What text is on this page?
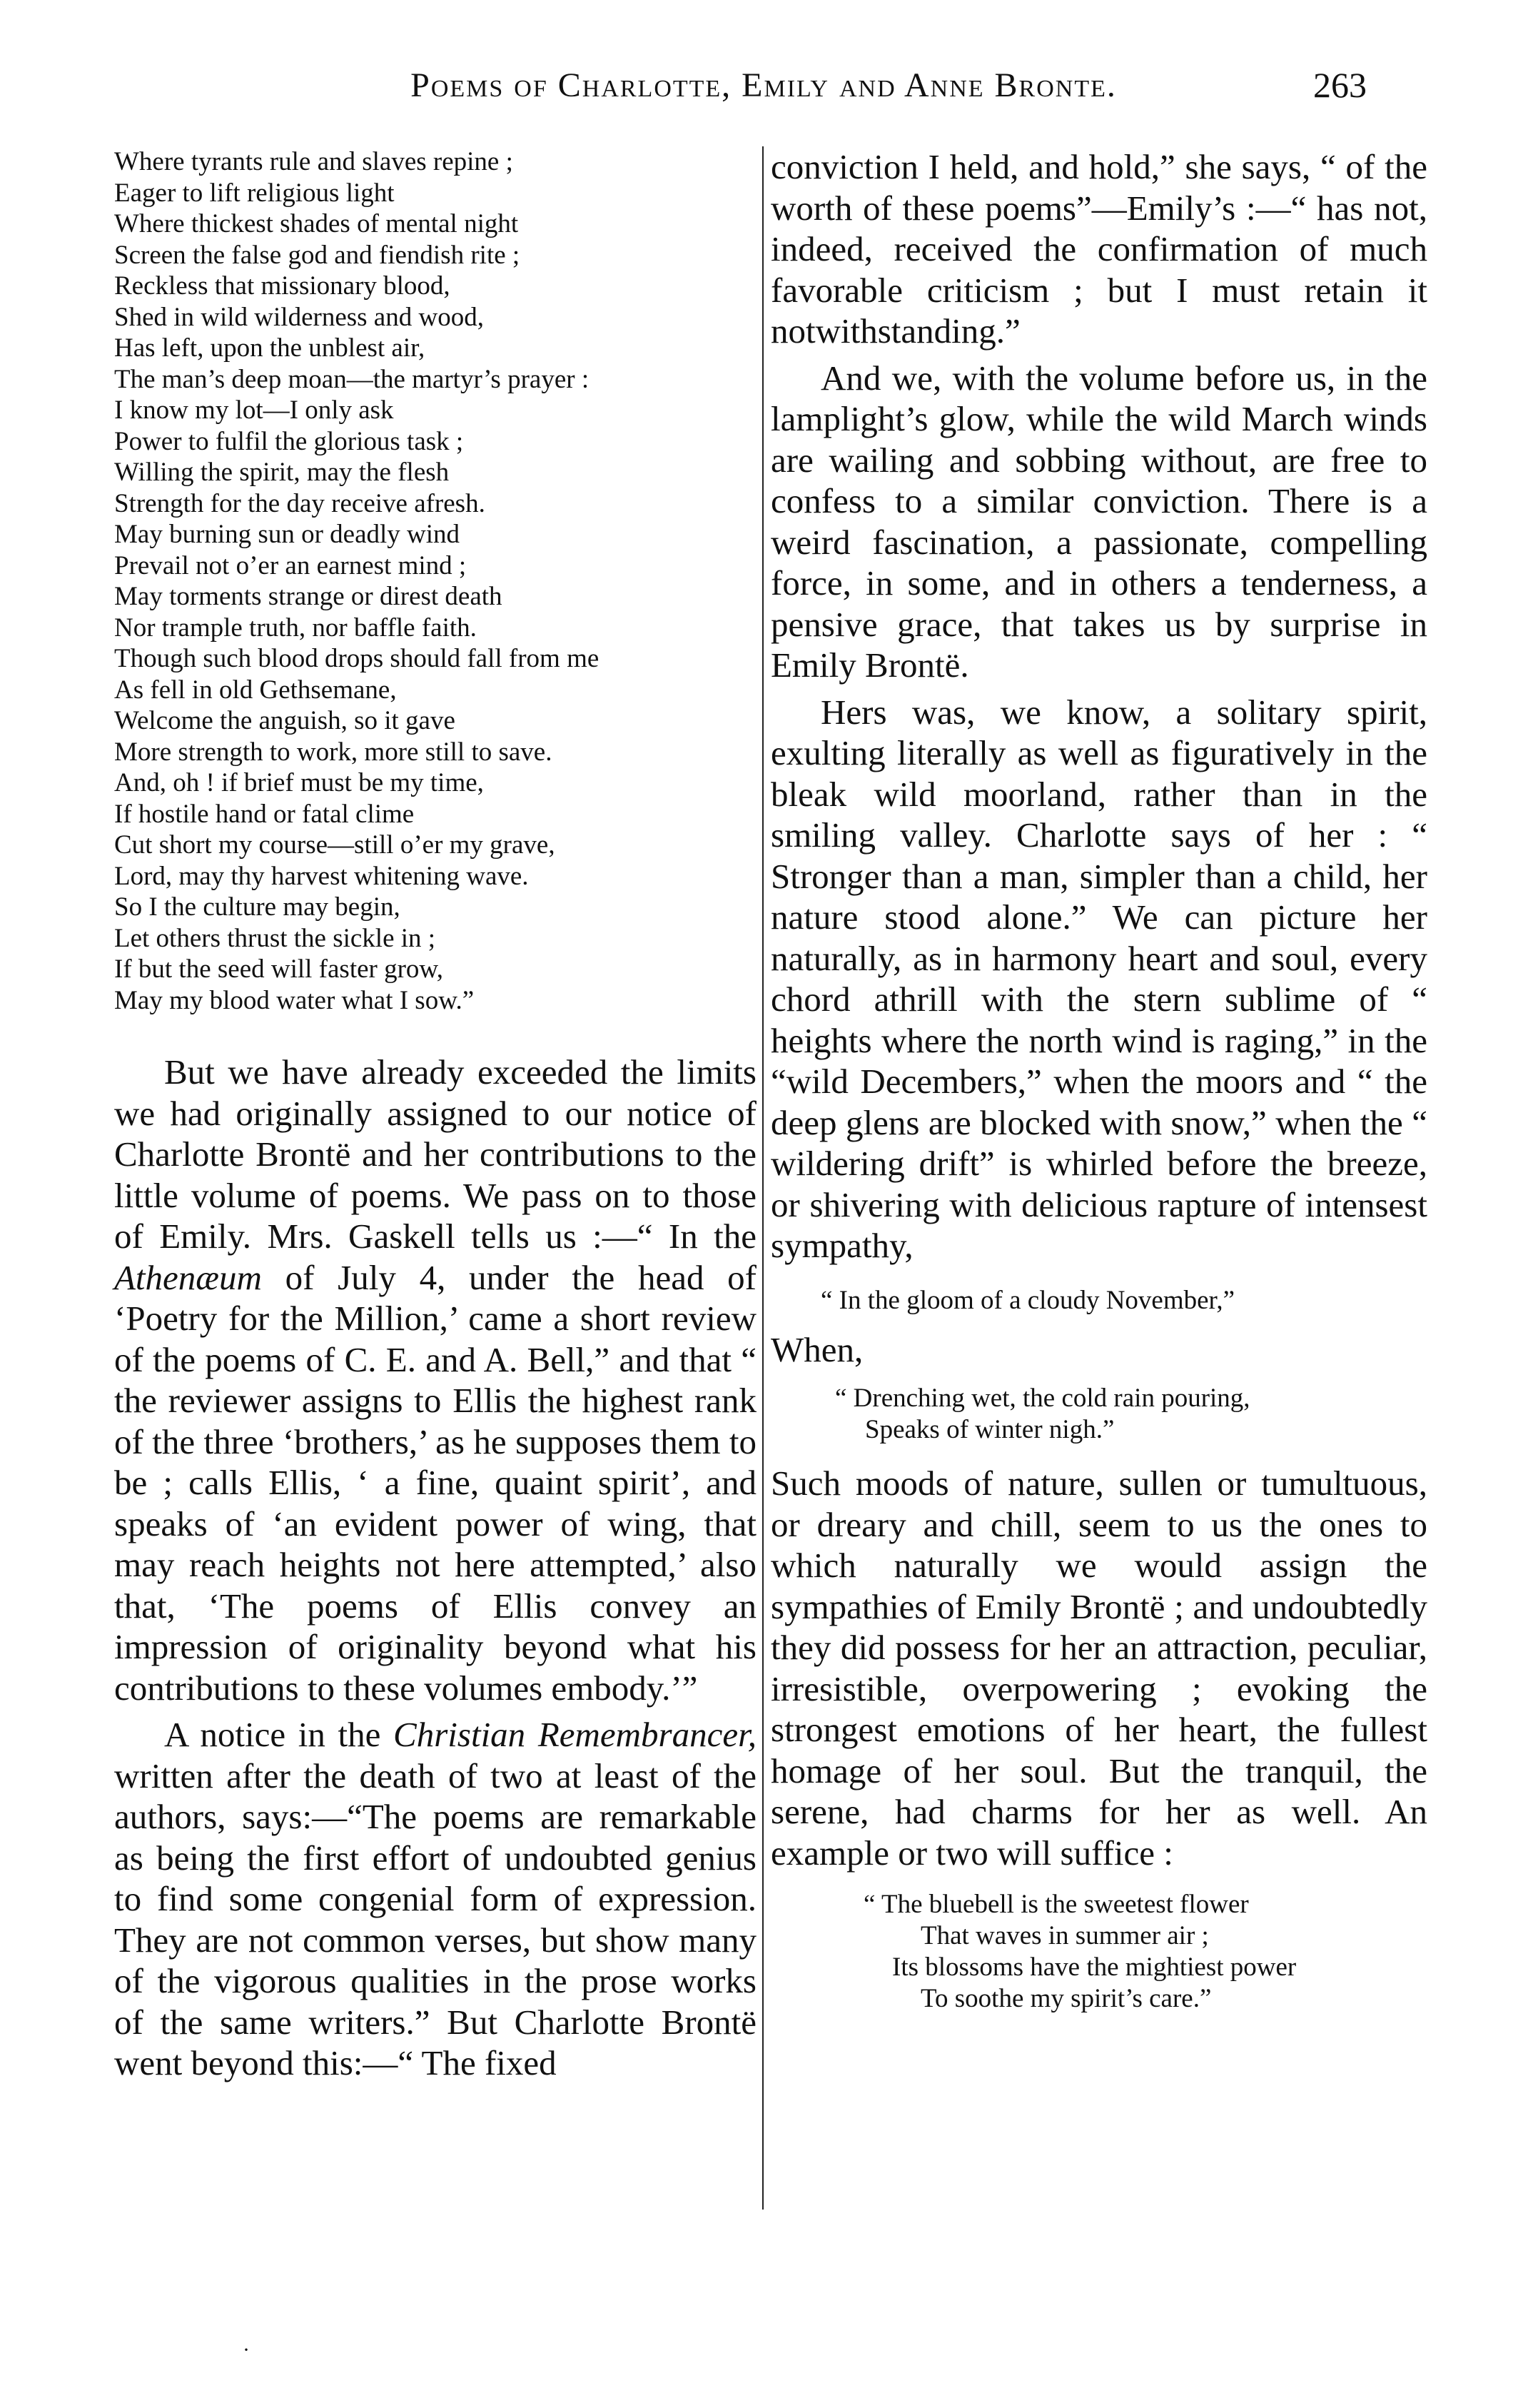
Poems of Charlotte, Emily and Anne Bronte.	263
Where tyrants rule and slaves repine ;
Eager to lift religious light
Where thickest shades of mental night
Screen the false god and fiendish rite ;
Reckless that missionary blood,
Shed in wild wilderness and wood,
Has left, upon the unblest air,
The man’s deep moan—the martyr’s prayer :
I know my lot—I only ask
Power to fulfil the glorious task ;
Willing the spirit, may the flesh
Strength for the day receive afresh.
May burning sun or deadly wind
Prevail not o’er an earnest mind ;
May torments strange or direst death
Nor trample truth, nor baffle faith.
Though such blood drops should fall from me
As fell in old Gethsemane,
Welcome the anguish, so it gave
More strength to work, more still to save.
And, oh ! if brief must be my time,
If hostile hand or fatal clime
Cut short my course—still o’er my grave,
Lord, may thy harvest whitening wave.
So I the culture may begin,
Let others thrust the sickle in ;
If but the seed will faster grow,
May my blood water what I sow.”

But we have already exceeded the limits we had originally assigned to our notice of Charlotte Brontë and her contributions to the little volume of poems. We pass on to those of Emily. Mrs. Gaskell tells us :—“ In the Athenæum of July 4, under the head of ‘Poetry for the Million,’ came a short review of the poems of C. E. and A. Bell,” and that “ the reviewer assigns to Ellis the highest rank of the three ‘brothers,’ as he supposes them to be ; calls Ellis, ‘ a fine, quaint spirit’, and speaks of ‘an evident power of wing, that may reach heights not here attempted,’ also that, ‘The poems of Ellis convey an impression of originality beyond what his contributions to these volumes embody.’”

A notice in the Christian Remembrancer, written after the death of two at least of the authors, says:—“The poems are remarkable as being the first effort of undoubted genius to find some congenial form of expression. They are not common verses, but show many of the vigorous qualities in the prose works of the same writers.” But Charlotte Brontë went beyond this:—“ The fixed

conviction I held, and hold,” she says, “ of the worth of these poems”—Emily’s :—“ has not, indeed, received the confirmation of much favorable criticism ; but I must retain it notwithstanding.”

And we, with the volume before us, in the lamplight’s glow, while the wild March winds are wailing and sobbing without, are free to confess to a similar conviction. There is a weird fascination, a passionate, compelling force, in some, and in others a tenderness, a pensive grace, that takes us by surprise in Emily Brontë.

Hers was, we know, a solitary spirit, exulting literally as well as figuratively in the bleak wild moorland, rather than in the smiling valley. Charlotte says of her : “ Stronger than a man, simpler than a child, her nature stood alone.” We can picture her naturally, as in harmony heart and soul, every chord athrill with the stern sublime of “ heights where the north wind is raging,” in the “wild Decembers,” when the moors and “ the deep glens are blocked with snow,” when the “ wildering drift” is whirled before the breeze, or shivering with delicious rapture of intensest sympathy,

“ In the gloom of a cloudy November,”
When,
“ Drenching wet, the cold rain pouring,
Speaks of winter nigh.”

Such moods of nature, sullen or tumultuous, or dreary and chill, seem to us the ones to which naturally we would assign the sympathies of Emily Brontë ; and undoubtedly they did possess for her an attraction, peculiar, irresistible, overpowering ; evoking the strongest emotions of her heart, the fullest homage of her soul. But the tranquil, the serene, had charms for her as well. An example or two will suffice :

“ The bluebell is the sweetest flower
That waves in summer air ;
Its blossoms have the mightiest power
To soothe my spirit’s care.”
·
